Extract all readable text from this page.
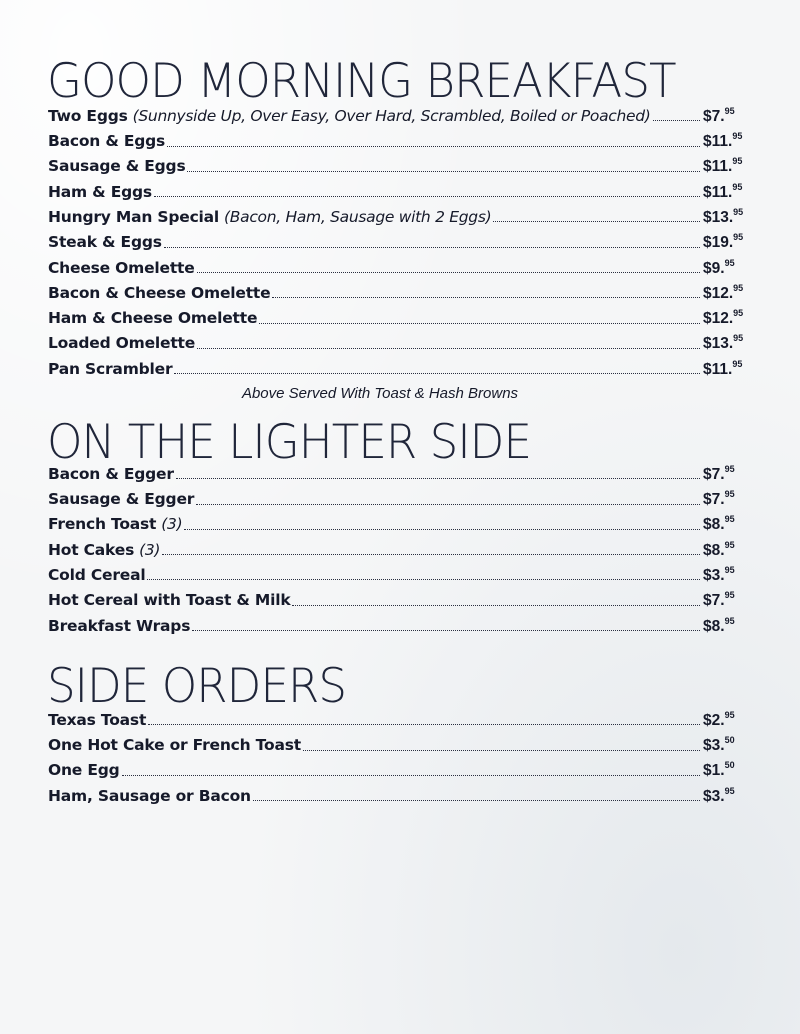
GOOD MORNING BREAKFAST
Two Eggs (Sunnyside Up, Over Easy, Over Hard, Scrambled, Boiled or Poached)	$7.95
Bacon & Eggs	$11.95
Sausage & Eggs	$11.95
Ham & Eggs	$11.95
Hungry Man Special (Bacon, Ham, Sausage with 2 Eggs)	$13.95
Steak & Eggs	$19.95
Cheese Omelette	$9.95
Bacon & Cheese Omelette	$12.95
Ham & Cheese Omelette	$12.95
Loaded Omelette	$13.95
Pan Scrambler	$11.95
Above Served With Toast & Hash Browns
ON THE LIGHTER SIDE
Bacon & Egger	$7.95
Sausage & Egger	$7.95
French Toast (3)	$8.95
Hot Cakes (3)	$8.95
Cold Cereal	$3.95
Hot Cereal with Toast & Milk	$7.95
Breakfast Wraps	$8.95
SIDE ORDERS
Texas Toast	$2.95
One Hot Cake or French Toast	$3.50
One Egg	$1.50
Ham, Sausage or Bacon	$3.95
